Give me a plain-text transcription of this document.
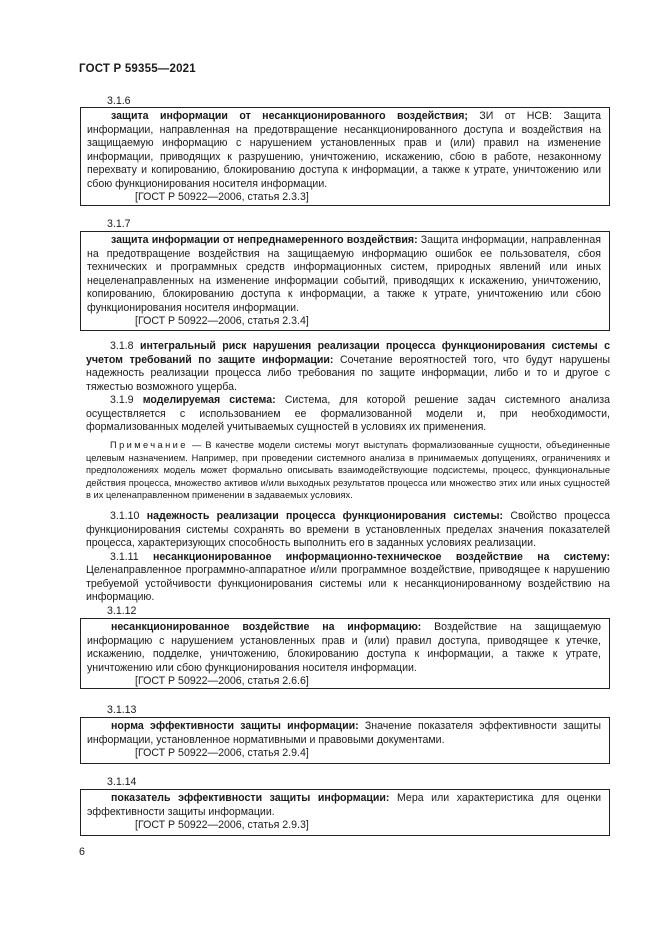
ГОСТ Р 59355—2021
3.1.6

защита информации от несанкционированного воздействия; ЗИ от НСВ: Защита информации, направленная на предотвращение несанкционированного доступа и воздействия на защищаемую информацию с нарушением установленных прав и (или) правил на изменение информации, приводящих к разрушению, уничтожению, искажению, сбою в работе, незаконному перехвату и копированию, блокированию доступа к информации, а также к утрате, уничтожению или сбою функционирования носителя информации.

[ГОСТ Р 50922—2006, статья 2.3.3]

3.1.7

защита информации от непреднамеренного воздействия: Защита информации, направленная на предотвращение воздействия на защищаемую информацию ошибок ее пользователя, сбоя технических и программных средств информационных систем, природных явлений или иных нецеленаправленных на изменение информации событий, приводящих к искажению, уничтожению, копированию, блокированию доступа к информации, а также к утрате, уничтожению или сбою функционирования носителя информации.

[ГОСТ Р 50922—2006, статья 2.3.4]

3.1.8 интегральный риск нарушения реализации процесса функционирования системы с учетом требований по защите информации: Сочетание вероятностей того, что будут нарушены надежность реализации процесса либо требования по защите информации, либо и то и другое с тяжестью возможного ущерба.

3.1.9 моделируемая система: Система, для которой решение задач системного анализа осуществляется с использованием ее формализованной модели и, при необходимости, формализованных моделей учитываемых сущностей в условиях их применения.

Примечание — В качестве модели системы могут выступать формализованные сущности, объединенные целевым назначением. Например, при проведении системного анализа в принимаемых допущениях, ограничениях и предположениях модель может формально описывать взаимодействующие подсистемы, процесс, функциональные действия процесса, множество активов и/или выходных результатов процесса или множество этих или иных сущностей в их целенаправленном применении в задаваемых условиях.

3.1.10 надежность реализации процесса функционирования системы: Свойство процесса функционирования системы сохранять во времени в установленных пределах значения показателей процесса, характеризующих способность выполнить его в заданных условиях реализации.

3.1.11 несанкционированное информационно-техническое воздействие на систему: Целенаправленное программно-аппаратное и/или программное воздействие, приводящее к нарушению требуемой устойчивости функционирования системы или к несанкционированному воздействию на информацию.

3.1.12

несанкционированное воздействие на информацию: Воздействие на защищаемую информацию с нарушением установленных прав и (или) правил доступа, приводящее к утечке, искажению, подделке, уничтожению, блокированию доступа к информации, а также к утрате, уничтожению или сбою функционирования носителя информации.

[ГОСТ Р 50922—2006, статья 2.6.6]

3.1.13

норма эффективности защиты информации: Значение показателя эффективности защиты информации, установленное нормативными и правовыми документами.

[ГОСТ Р 50922—2006, статья 2.9.4]

3.1.14

показатель эффективности защиты информации: Мера или характеристика для оценки эффективности защиты информации.

[ГОСТ Р 50922—2006, статья 2.9.3]

6
